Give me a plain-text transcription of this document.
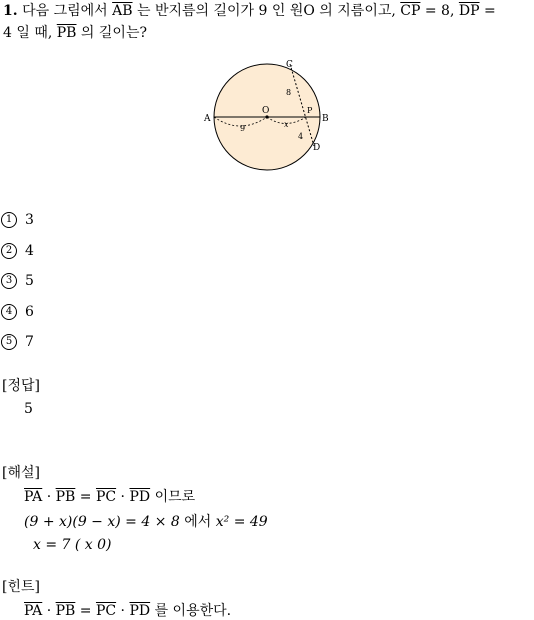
1. 다음 그림에서 $\overline{AB}$ 는 반지름의 길이가 9 인 원O 의 지름이고, $\overline{CP} = 8$, $\overline{DP}$ =
4 일 때, $\overline{PB}$ 의 길이는?
A	B
C
D
O	P
8
4
9	x
1 3
2 4
3 5
4 6
5 7
[정답]
5
[해설]
$\overline{PA} \cdot \overline{PB} = \overline{PC} \cdot \overline{PD}$ 이므로
(9 + x)(9 − x) = 4 × 8 에서 x² = 49
x = 7 ( x 0)
[힌트]
$\overline{PA} \cdot \overline{PB} = \overline{PC} \cdot \overline{PD}$ 를 이용한다.
